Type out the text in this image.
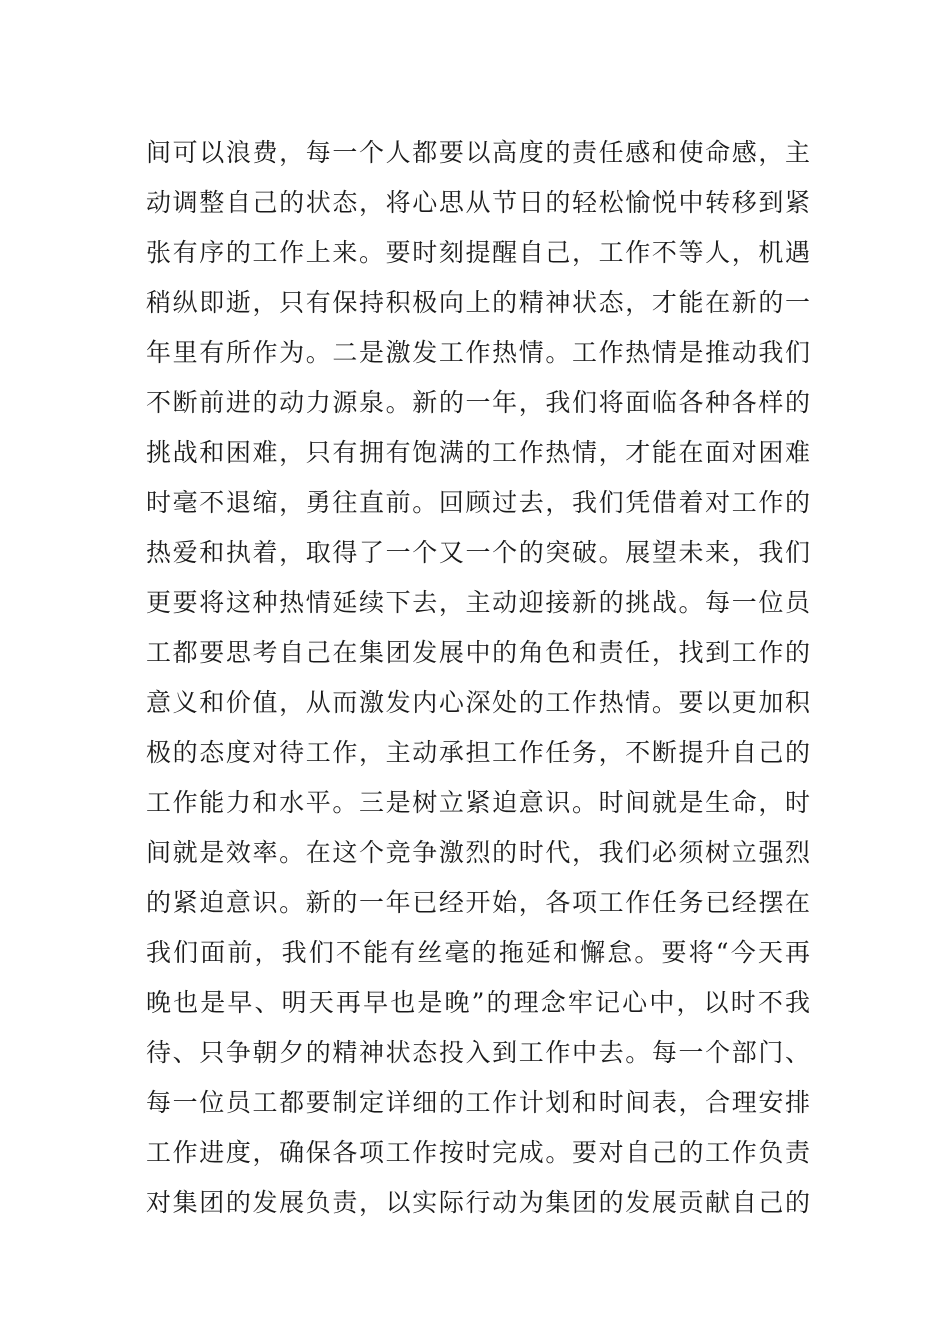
间可以浪费，每一个人都要以高度的责任感和使命感，主
动调整自己的状态，将心思从节日的轻松愉悦中转移到紧
张有序的工作上来。要时刻提醒自己，工作不等人，机遇
稍纵即逝，只有保持积极向上的精神状态，才能在新的一
年里有所作为。二是激发工作热情。工作热情是推动我们
不断前进的动力源泉。新的一年，我们将面临各种各样的
挑战和困难，只有拥有饱满的工作热情，才能在面对困难
时毫不退缩，勇往直前。回顾过去，我们凭借着对工作的
热爱和执着，取得了一个又一个的突破。展望未来，我们
更要将这种热情延续下去，主动迎接新的挑战。每一位员
工都要思考自己在集团发展中的角色和责任，找到工作的
意义和价值，从而激发内心深处的工作热情。要以更加积
极的态度对待工作，主动承担工作任务，不断提升自己的
工作能力和水平。三是树立紧迫意识。时间就是生命，时
间就是效率。在这个竞争激烈的时代，我们必须树立强烈
的紧迫意识。新的一年已经开始，各项工作任务已经摆在
我们面前，我们不能有丝毫的拖延和懈怠。要将“今天再
晚也是早、明天再早也是晚”的理念牢记心中，以时不我
待、只争朝夕的精神状态投入到工作中去。每一个部门、
每一位员工都要制定详细的工作计划和时间表，合理安排
工作进度，确保各项工作按时完成。要对自己的工作负责
对集团的发展负责，以实际行动为集团的发展贡献自己的
